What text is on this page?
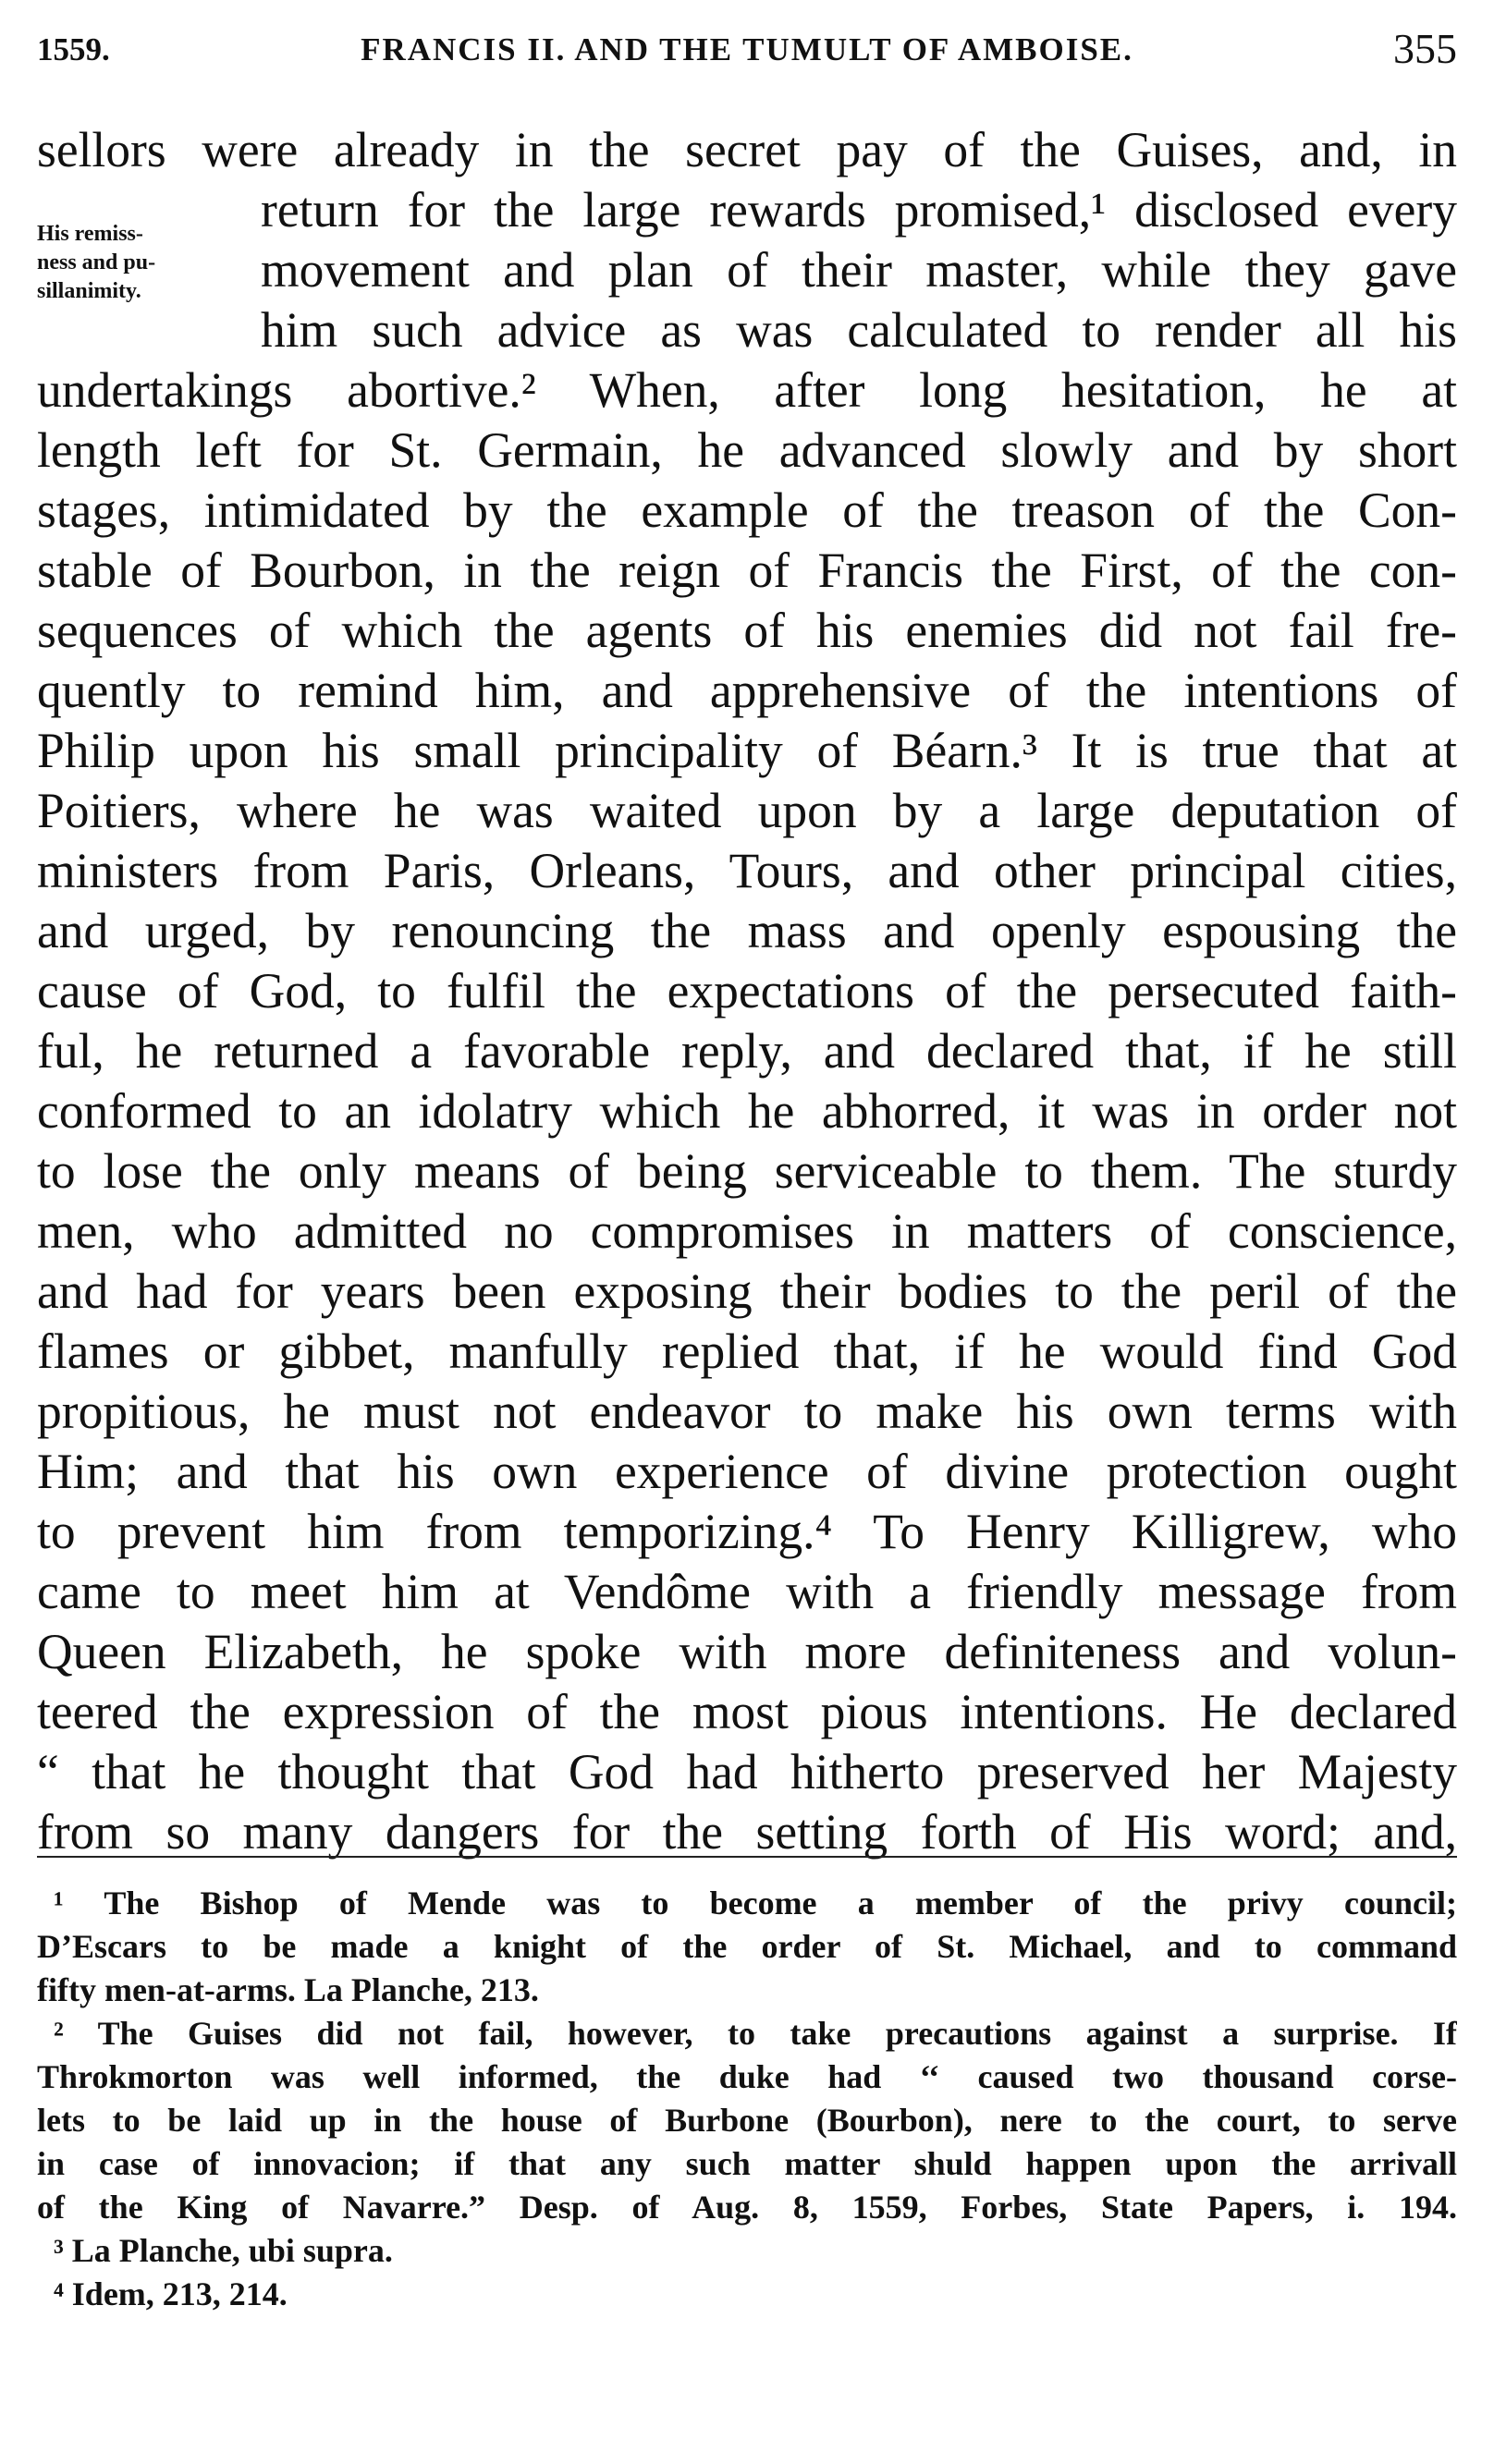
1559.	FRANCIS II. AND THE TUMULT OF AMBOISE.	355
His remiss-
ness and pu-
sillanimity.
sellors were already in the secret pay of the Guises, and, in
return for the large rewards promised,¹ disclosed every
movement and plan of their master, while they gave
him such advice as was calculated to render all his
undertakings abortive.² When, after long hesitation, he at
length left for St. Germain, he advanced slowly and by short
stages, intimidated by the example of the treason of the Con-
stable of Bourbon, in the reign of Francis the First, of the con-
sequences of which the agents of his enemies did not fail fre-
quently to remind him, and apprehensive of the intentions of
Philip upon his small principality of Béarn.³ It is true that at
Poitiers, where he was waited upon by a large deputation of
ministers from Paris, Orleans, Tours, and other principal cities,
and urged, by renouncing the mass and openly espousing the
cause of God, to fulfil the expectations of the persecuted faith-
ful, he returned a favorable reply, and declared that, if he still
conformed to an idolatry which he abhorred, it was in order not
to lose the only means of being serviceable to them. The sturdy
men, who admitted no compromises in matters of conscience,
and had for years been exposing their bodies to the peril of the
flames or gibbet, manfully replied that, if he would find God
propitious, he must not endeavor to make his own terms with
Him; and that his own experience of divine protection ought
to prevent him from temporizing.⁴ To Henry Killigrew, who
came to meet him at Vendôme with a friendly message from
Queen Elizabeth, he spoke with more definiteness and volun-
teered the expression of the most pious intentions. He declared
“ that he thought that God had hitherto preserved her Majesty
from so many dangers for the setting forth of His word; and,
¹ The Bishop of Mende was to become a member of the privy council;
D’Escars to be made a knight of the order of St. Michael, and to command
fifty men-at-arms. La Planche, 213.
² The Guises did not fail, however, to take precautions against a surprise. If
Throkmorton was well informed, the duke had ‘‘ caused two thousand corse-
lets to be laid up in the house of Burbone (Bourbon), nere to the court, to serve
in case of innovacion; if that any such matter shuld happen upon the arrivall
of the King of Navarre.” Desp. of Aug. 8, 1559, Forbes, State Papers, i. 194.
³ La Planche, ubi supra.
⁴ Idem, 213, 214.
